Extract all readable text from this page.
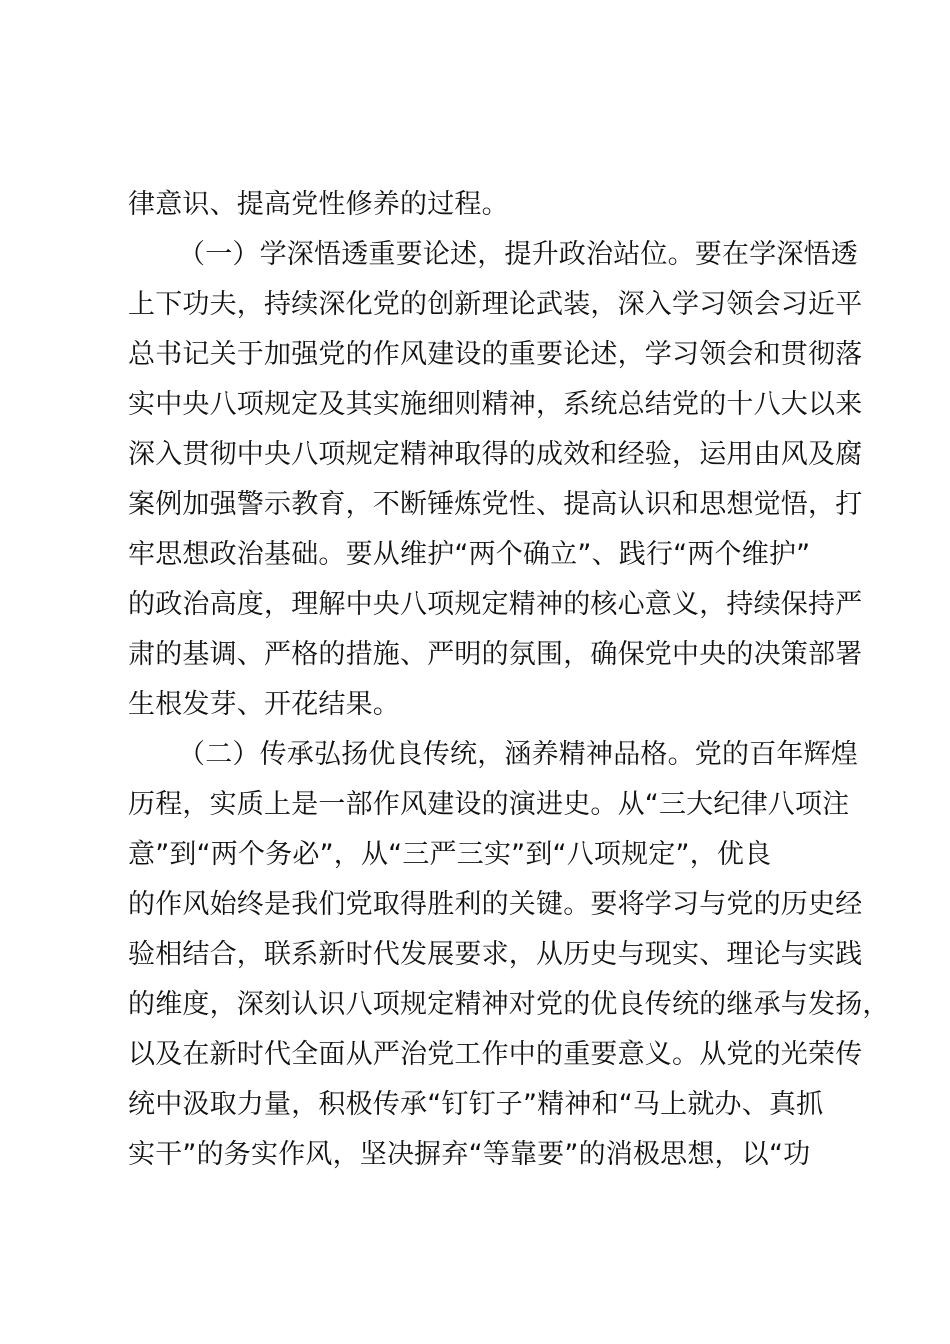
律意识、提高党性修养的过程。
（一）学深悟透重要论述，提升政治站位。要在学深悟透
上下功夫，持续深化党的创新理论武装，深入学习领会习近平
总书记关于加强党的作风建设的重要论述，学习领会和贯彻落
实中央八项规定及其实施细则精神，系统总结党的十八大以来
深入贯彻中央八项规定精神取得的成效和经验，运用由风及腐
案例加强警示教育，不断锤炼党性、提高认识和思想觉悟，打
牢思想政治基础。要从维护“两个确立”、践行“两个维护”
的政治高度，理解中央八项规定精神的核心意义，持续保持严
肃的基调、严格的措施、严明的氛围，确保党中央的决策部署
生根发芽、开花结果。
（二）传承弘扬优良传统，涵养精神品格。党的百年辉煌
历程，实质上是一部作风建设的演进史。从“三大纪律八项注
意”到“两个务必”，从“三严三实”到“八项规定”，优良
的作风始终是我们党取得胜利的关键。要将学习与党的历史经
验相结合，联系新时代发展要求，从历史与现实、理论与实践
的维度，深刻认识八项规定精神对党的优良传统的继承与发扬，
以及在新时代全面从严治党工作中的重要意义。从党的光荣传
统中汲取力量，积极传承“钉钉子”精神和“马上就办、真抓
实干”的务实作风，坚决摒弃“等靠要”的消极思想，以“功
